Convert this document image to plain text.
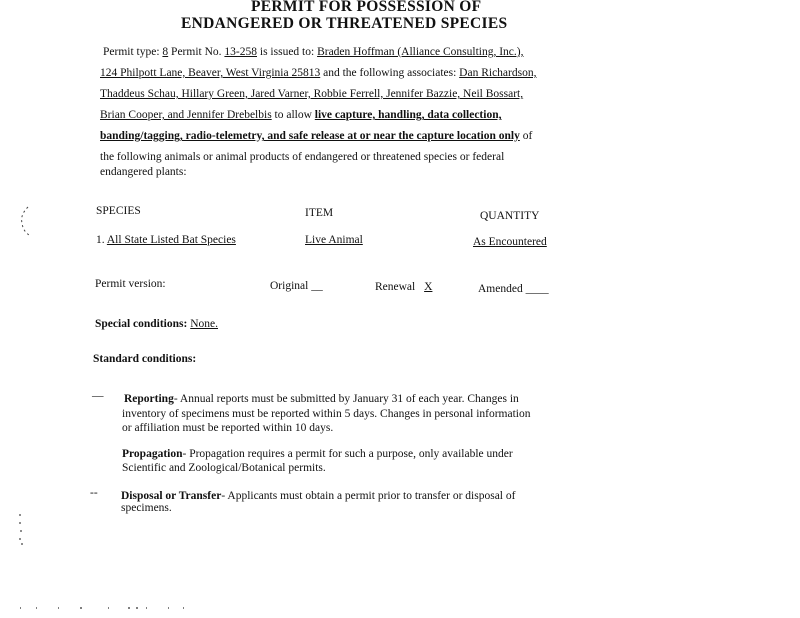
PERMIT FOR POSSESSION OF
ENDANGERED OR THREATENED SPECIES
Permit type: 8 Permit No. 13-258 is issued to: Braden Hoffman (Alliance Consulting, Inc.),
124 Philpott Lane, Beaver, West Virginia 25813 and the following associates: Dan Richardson,
Thaddeus Schau, Hillary Green, Jared Varner, Robbie Ferrell, Jennifer Bazzie, Neil Bossart,
Brian Cooper, and Jennifer Drebelbis to allow live capture, handling, data collection,
banding/tagging, radio-telemetry, and safe release at or near the capture location only of
the following animals or animal products of endangered or threatened species or federal
endangered plants:
SPECIES	ITEM	QUANTITY
1. All State Listed Bat Species	Live Animal	As Encountered
Permit version:	Original __	Renewal X	Amended ____
Special conditions: None.
Standard conditions:
— Reporting- Annual reports must be submitted by January 31 of each year. Changes in
inventory of specimens must be reported within 5 days. Changes in personal information
or affiliation must be reported within 10 days.
Propagation- Propagation requires a permit for such a purpose, only available under
Scientific and Zoological/Botanical permits.
-- Disposal or Transfer- Applicants must obtain a permit prior to transfer or disposal of
specimens.
